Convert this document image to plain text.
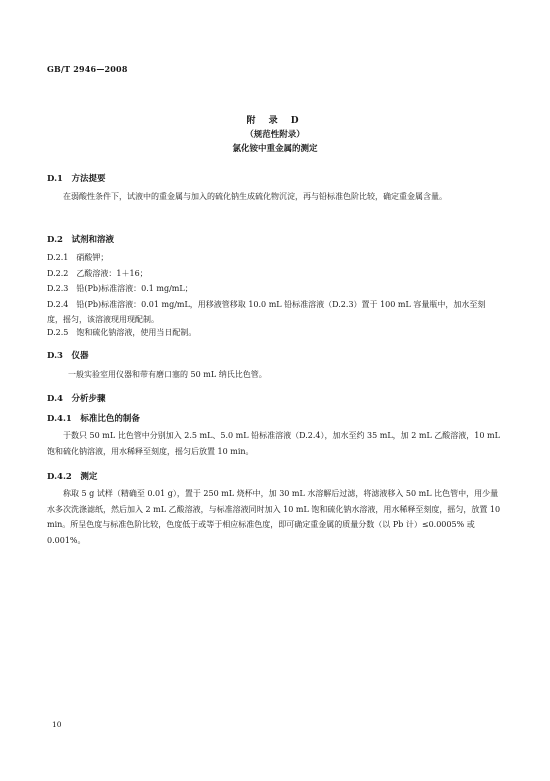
GB/T 2946—2008
附 录 D
（规范性附录）
氯化铵中重金属的测定
D.1　方法提要
在弱酸性条件下，试液中的重金属与加入的硫化钠生成硫化物沉淀，再与铅标准色阶比较，确定重金属含量。
D.2　试剂和溶液
D.2.1　硝酸钾；
D.2.2　乙酸溶液：1＋16；
D.2.3　铅(Pb)标准溶液：0.1 mg/mL；
D.2.4　铅(Pb)标准溶液：0.01 mg/mL，用移液管移取 10.0 mL 铅标准溶液（D.2.3）置于 100 mL 容量瓶中，加水至刻度，摇匀，该溶液现用现配制。
D.2.5　饱和硫化钠溶液，使用当日配制。
D.3　仪器
一般实验室用仪器和带有磨口塞的 50 mL 纳氏比色管。
D.4　分析步骤
D.4.1　标准比色的制备
于数只 50 mL 比色管中分别加入 2.5 mL、5.0 mL 铅标准溶液（D.2.4），加水至约 35 mL，加 2 mL 乙酸溶液，10 mL 饱和硫化钠溶液，用水稀释至刻度，摇匀后放置 10 min。
D.4.2　测定
称取 5 g 试样（精确至 0.01 g），置于 250 mL 烧杯中，加 30 mL 水溶解后过滤，将滤液移入 50 mL 比色管中，用少量水多次洗涤滤纸，然后加入 2 mL 乙酸溶液，与标准溶液同时加入 10 mL 饱和硫化钠水溶液，用水稀释至刻度，摇匀，放置 10 min。所呈色度与标准色阶比较，色度低于或等于相应标准色度，即可确定重金属的质量分数（以 Pb 计）≤0.0005% 或 0.001%。
10
